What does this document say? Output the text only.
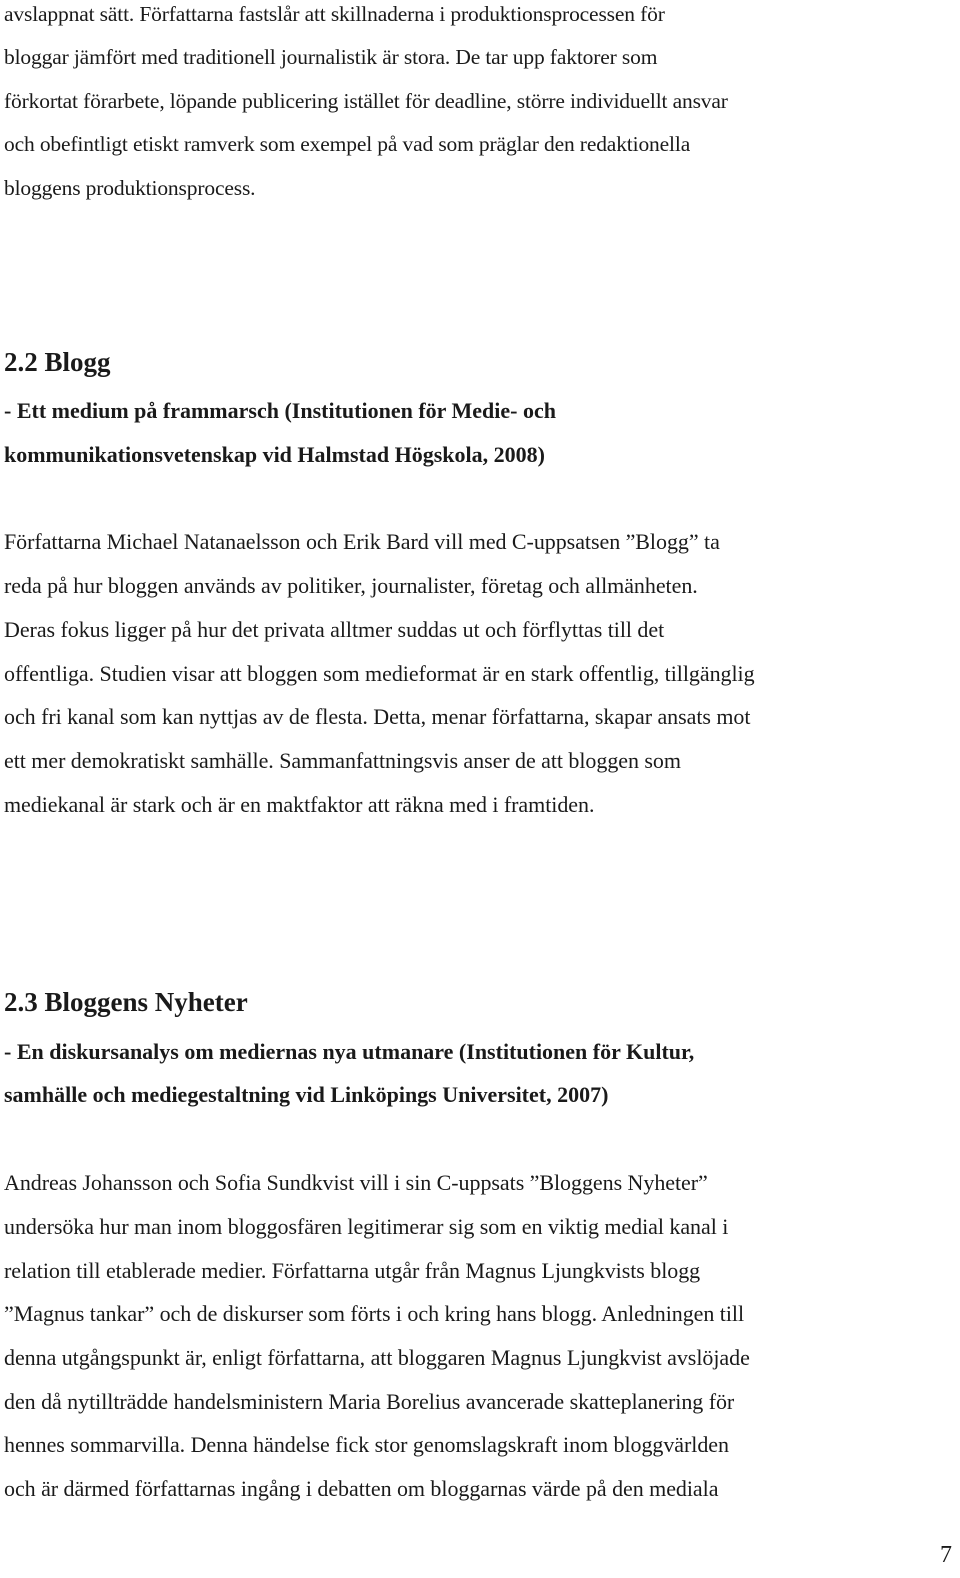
avslappnat sätt. Författarna fastslår att skillnaderna i produktionsprocessen för
bloggar jämfört med traditionell journalistik är stora. De tar upp faktorer som
förkortat förarbete, löpande publicering istället för deadline, större individuellt ansvar
och obefintligt etiskt ramverk som exempel på vad som präglar den redaktionella
bloggens produktionsprocess.
2.2 Blogg
- Ett medium på frammarsch (Institutionen för Medie- och
kommunikationsvetenskap vid Halmstad Högskola, 2008)
Författarna Michael Natanaelsson och Erik Bard vill med C-uppsatsen ”Blogg” ta
reda på hur bloggen används av politiker, journalister, företag och allmänheten.
Deras fokus ligger på hur det privata alltmer suddas ut och förflyttas till det
offentliga. Studien visar att bloggen som medieformat är en stark offentlig, tillgänglig
och fri kanal som kan nyttjas av de flesta. Detta, menar författarna, skapar ansats mot
ett mer demokratiskt samhälle. Sammanfattningsvis anser de att bloggen som
mediekanal är stark och är en maktfaktor att räkna med i framtiden.
2.3 Bloggens Nyheter
- En diskursanalys om mediernas nya utmanare (Institutionen för Kultur,
samhälle och mediegestaltning vid Linköpings Universitet, 2007)
Andreas Johansson och Sofia Sundkvist vill i sin C-uppsats ”Bloggens Nyheter”
undersöka hur man inom bloggosfären legitimerar sig som en viktig medial kanal i
relation till etablerade medier. Författarna utgår från Magnus Ljungkvists blogg
”Magnus tankar” och de diskurser som förts i och kring hans blogg. Anledningen till
denna utgångspunkt är, enligt författarna, att bloggaren Magnus Ljungkvist avslöjade
den då nytillträdde handelsministern Maria Borelius avancerade skatteplanering för
hennes sommarvilla. Denna händelse fick stor genomslagskraft inom bloggvärlden
och är därmed författarnas ingång i debatten om bloggarnas värde på den mediala
7
